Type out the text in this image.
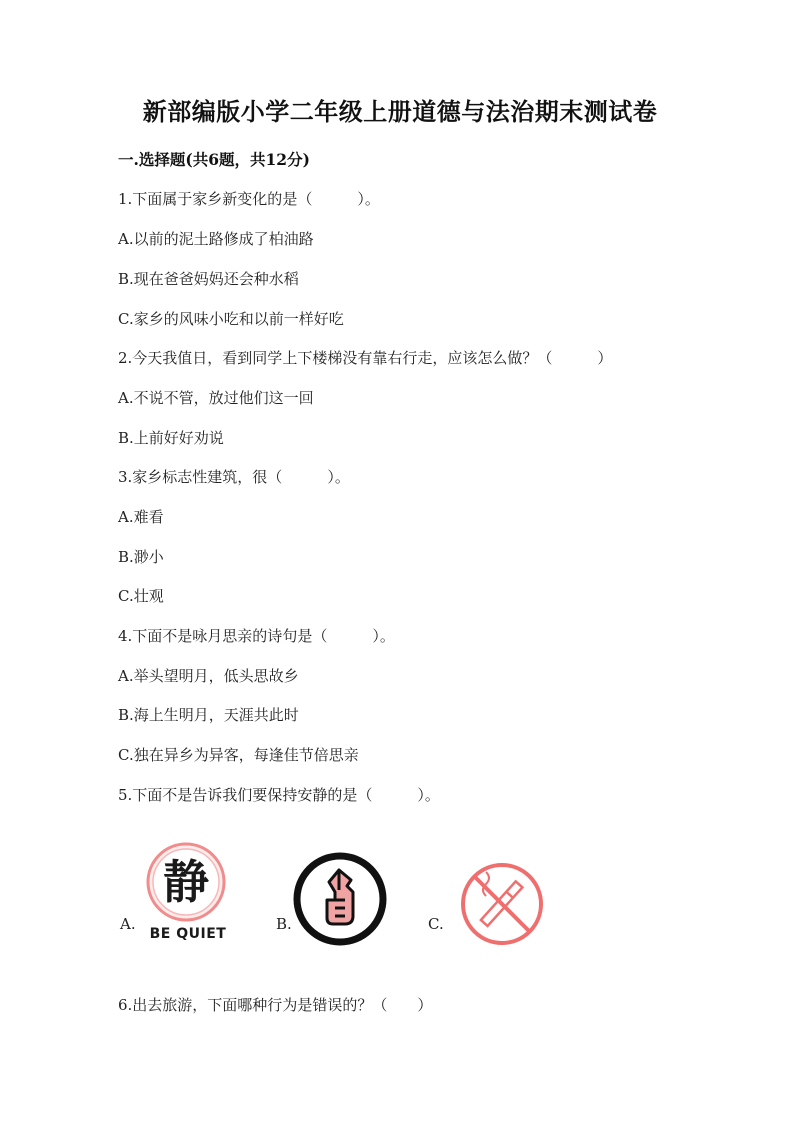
新部编版小学二年级上册道德与法治期末测试卷
一.选择题(共6题，共12分)
1.下面属于家乡新变化的是（　　　）。
A.以前的泥土路修成了柏油路
B.现在爸爸妈妈还会种水稻
C.家乡的风味小吃和以前一样好吃
2.今天我值日，看到同学上下楼梯没有靠右行走，应该怎么做？（　　　）
A.不说不管，放过他们这一回
B.上前好好劝说
3.家乡标志性建筑，很（　　　）。
A.难看
B.渺小
C.壮观
4.下面不是咏月思亲的诗句是（　　　）。
A.举头望明月，低头思故乡
B.海上生明月，天涯共此时
C.独在异乡为异客，每逢佳节倍思亲
5.下面不是告诉我们要保持安静的是（　　　）。
A.
静
BE QUIET
B.	C.
6.出去旅游，下面哪种行为是错误的？（　　）
